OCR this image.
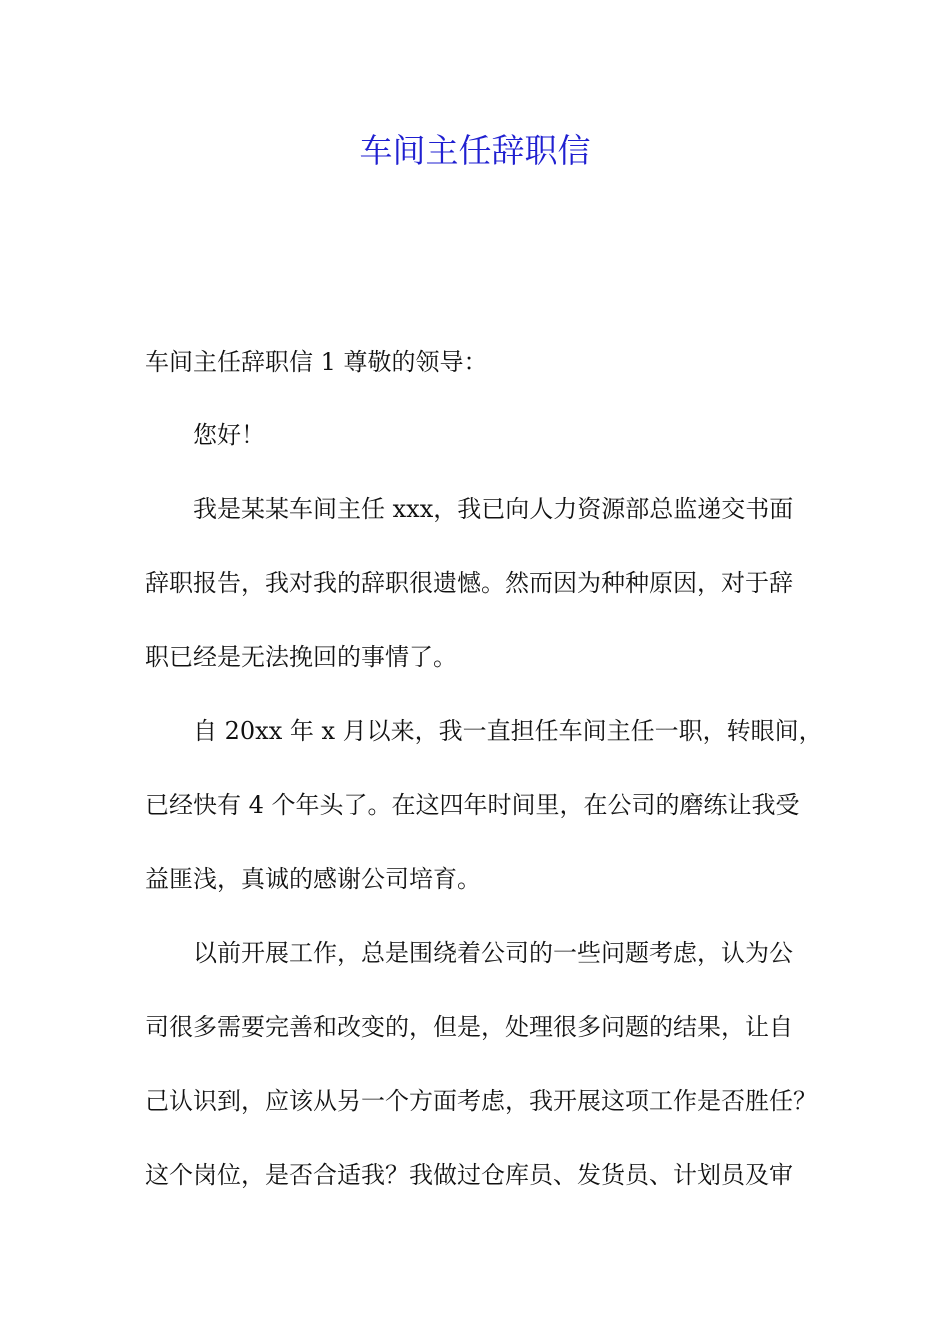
车间主任辞职信
车间主任辞职信 1 尊敬的领导：
您好！
我是某某车间主任 xxx，我已向人力资源部总监递交书面
辞职报告，我对我的辞职很遗憾。然而因为种种原因，对于辞
职已经是无法挽回的事情了。
自 20xx 年 x 月以来，我一直担任车间主任一职，转眼间，
已经快有 4 个年头了。在这四年时间里，在公司的磨练让我受
益匪浅，真诚的感谢公司培育。
以前开展工作，总是围绕着公司的一些问题考虑，认为公
司很多需要完善和改变的，但是，处理很多问题的结果，让自
己认识到，应该从另一个方面考虑，我开展这项工作是否胜任？
这个岗位，是否合适我？我做过仓库员、发货员、计划员及审
